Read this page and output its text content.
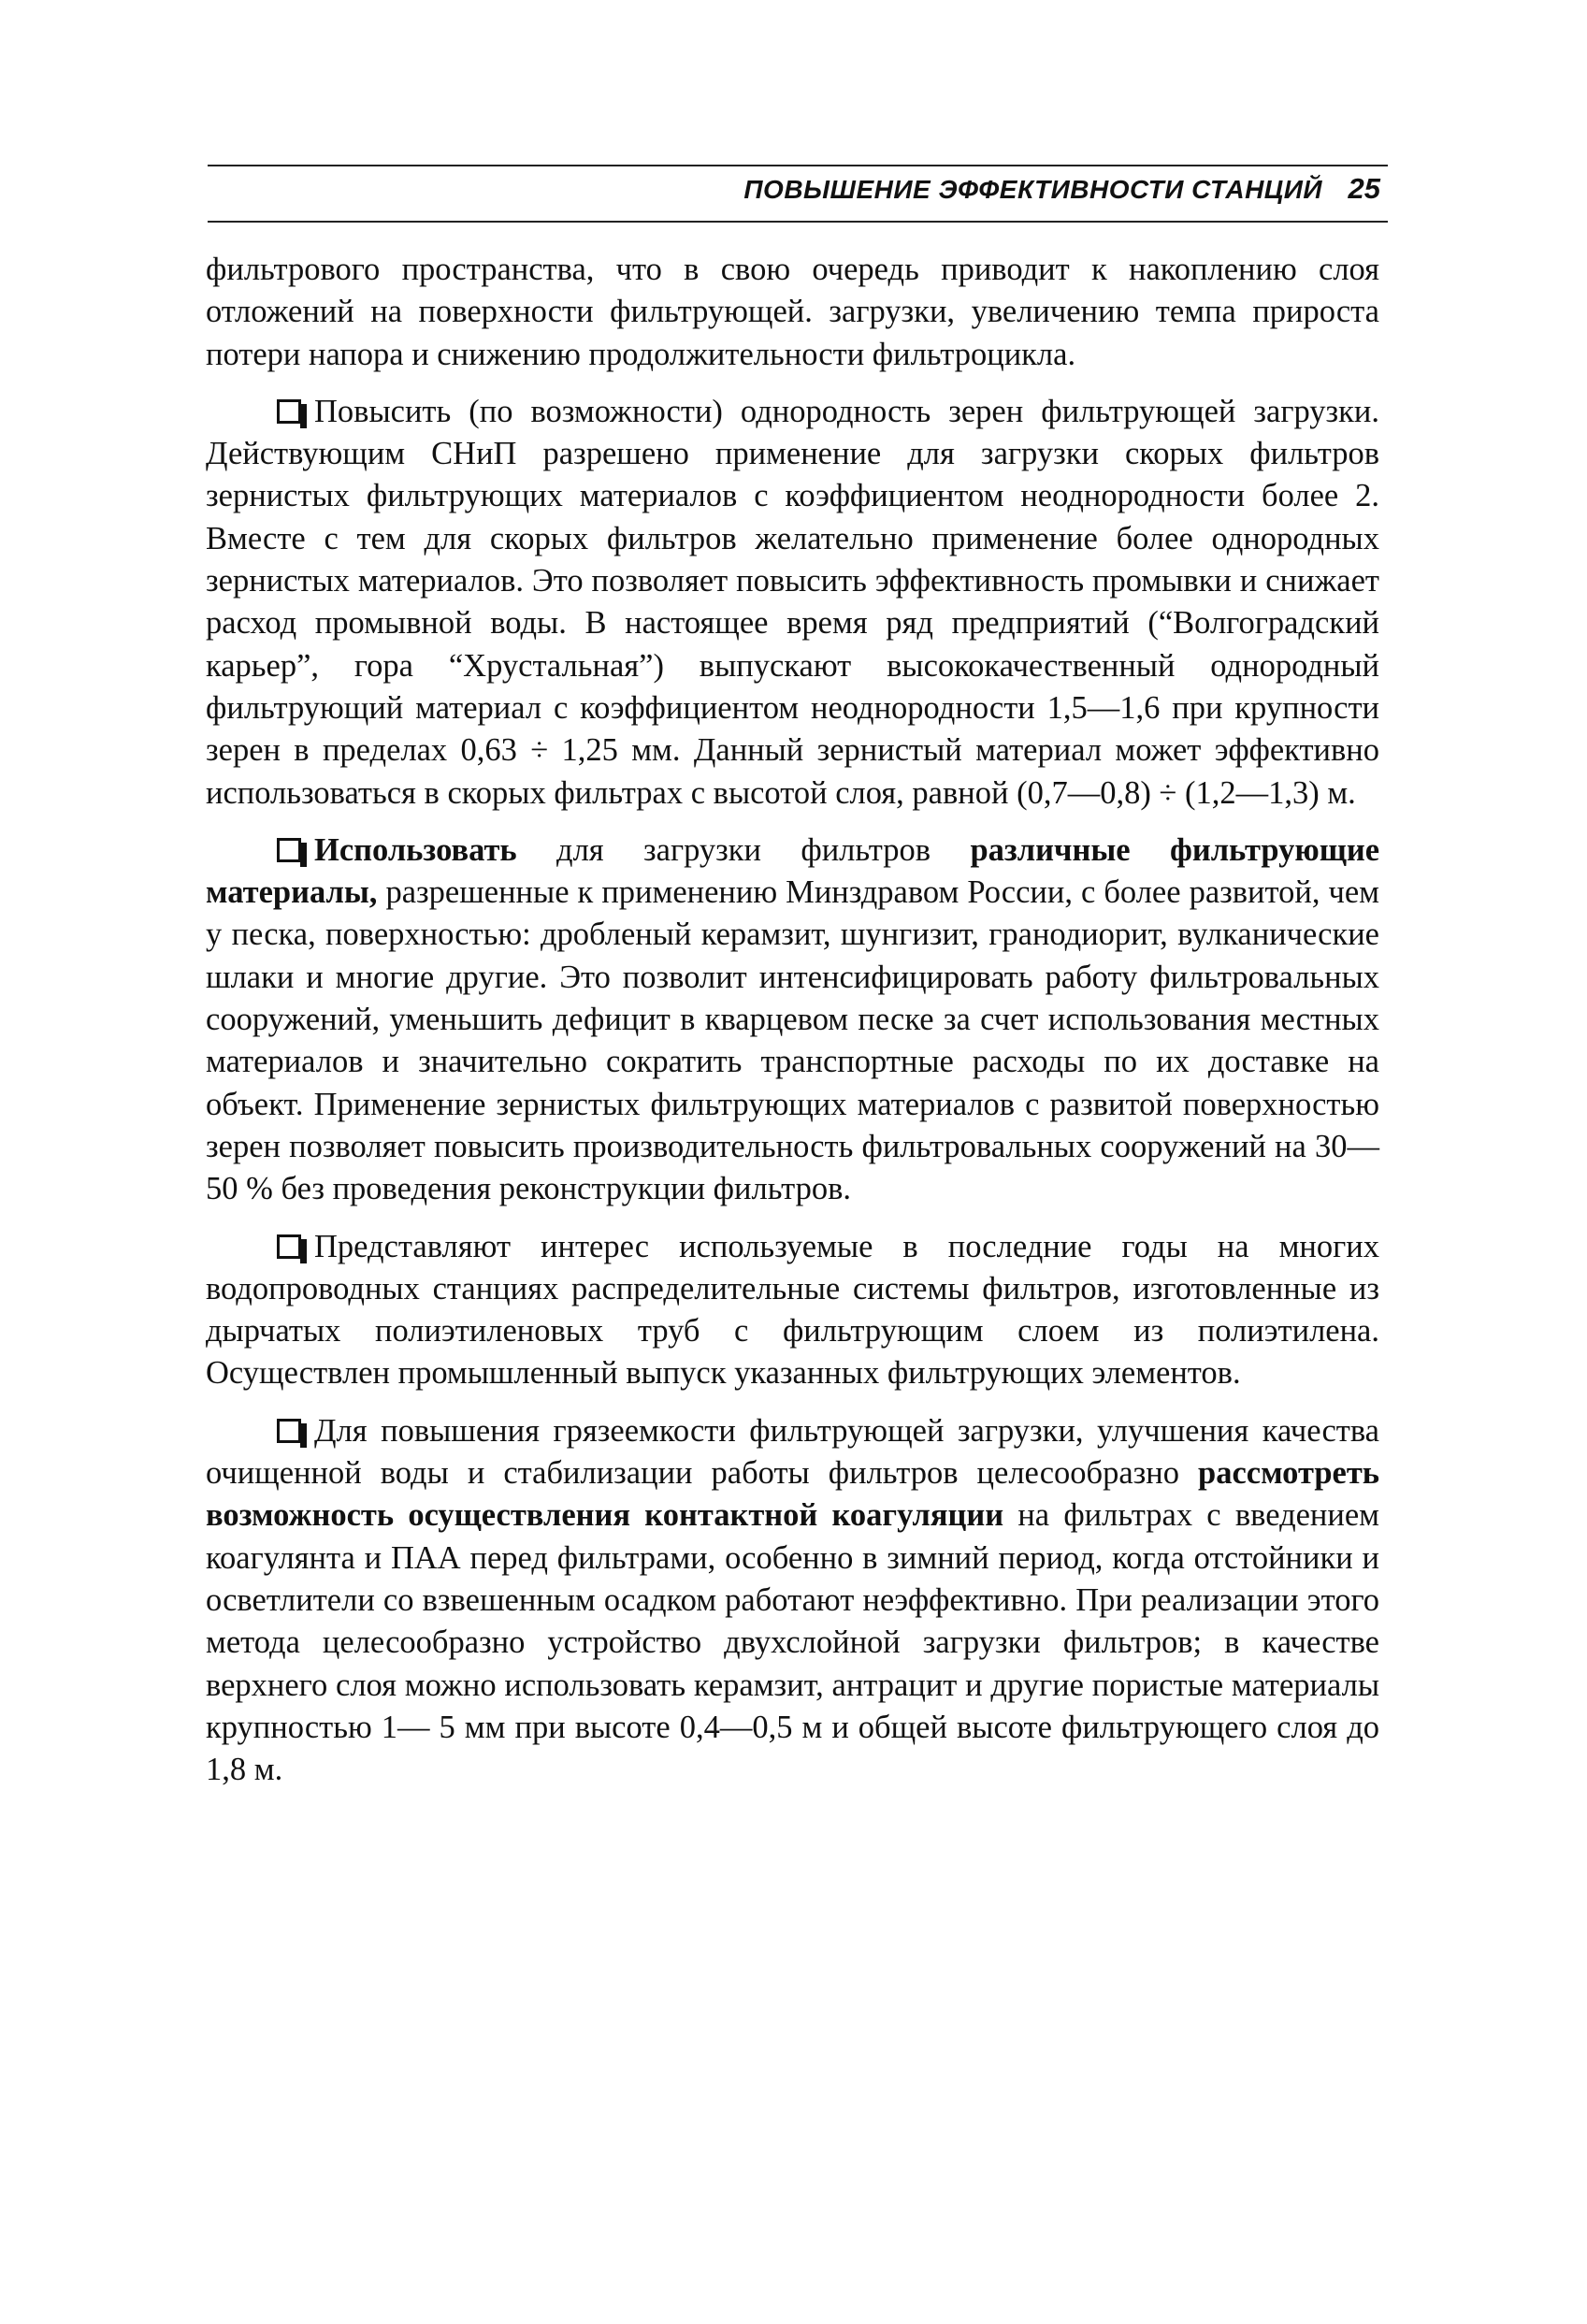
ПОВЫШЕНИЕ ЭФФЕКТИВНОСТИ СТАНЦИЙ 25

фильтрового пространства, что в свою очередь приводит к накоплению слоя отложений на поверхности фильтрующей. загрузки, увеличению темпа прироста потери напора и снижению продолжительности фильтроцикла.

Повысить (по возможности) однородность зерен фильтрующей загрузки. Действующим СНиП разрешено применение для загрузки скорых фильтров зернистых фильтрующих материалов с коэффициентом неоднородности более 2. Вместе с тем для скорых фильтров желательно применение более однородных зернистых материалов. Это позволяет повысить эффективность промывки и снижает расход промывной воды. В настоящее время ряд предприятий (“Волгоградский карьер”, гора “Хрустальная”) выпускают высококачественный однородный фильтрующий материал с коэффициентом неоднородности 1,5—1,6 при крупности зерен в пределах 0,63 ÷ 1,25 мм. Данный зернистый материал может эффективно использоваться в скорых фильтрах с высотой слоя, равной (0,7—0,8) ÷ (1,2—1,3) м.

Использовать для загрузки фильтров различные фильтрующие материалы, разрешенные к применению Минздравом России, с более развитой, чем у песка, поверхностью: дробленый керамзит, шунгизит, гранодиорит, вулканические шлаки и многие другие. Это позволит интенсифицировать работу фильтровальных сооружений, уменьшить дефицит в кварцевом песке за счет использования местных материалов и значительно сократить транспортные расходы по их доставке на объект. Применение зернистых фильтрующих материалов с развитой поверхностью зерен позволяет повысить производительность фильтровальных сооружений на 30—50 % без проведения реконструкции фильтров.

Представляют интерес используемые в последние годы на многих водопроводных станциях распределительные системы фильтров, изготовленные из дырчатых полиэтиленовых труб с фильтрующим слоем из полиэтилена. Осуществлен промышленный выпуск указанных фильтрующих элементов.

Для повышения грязеемкости фильтрующей загрузки, улучшения качества очищенной воды и стабилизации работы фильтров целесообразно рассмотреть возможность осуществления контактной коагуляции на фильтрах с введением коагулянта и ПАА перед фильтрами, особенно в зимний период, когда отстойники и осветлители со взвешенным осадком работают неэффективно. При реализации этого метода целесообразно устройство двухслойной загрузки фильтров; в качестве верхнего слоя можно использовать керамзит, антрацит и другие пористые материалы крупностью 1— 5 мм при высоте 0,4—0,5 м и общей высоте фильтрующего слоя до 1,8 м.
